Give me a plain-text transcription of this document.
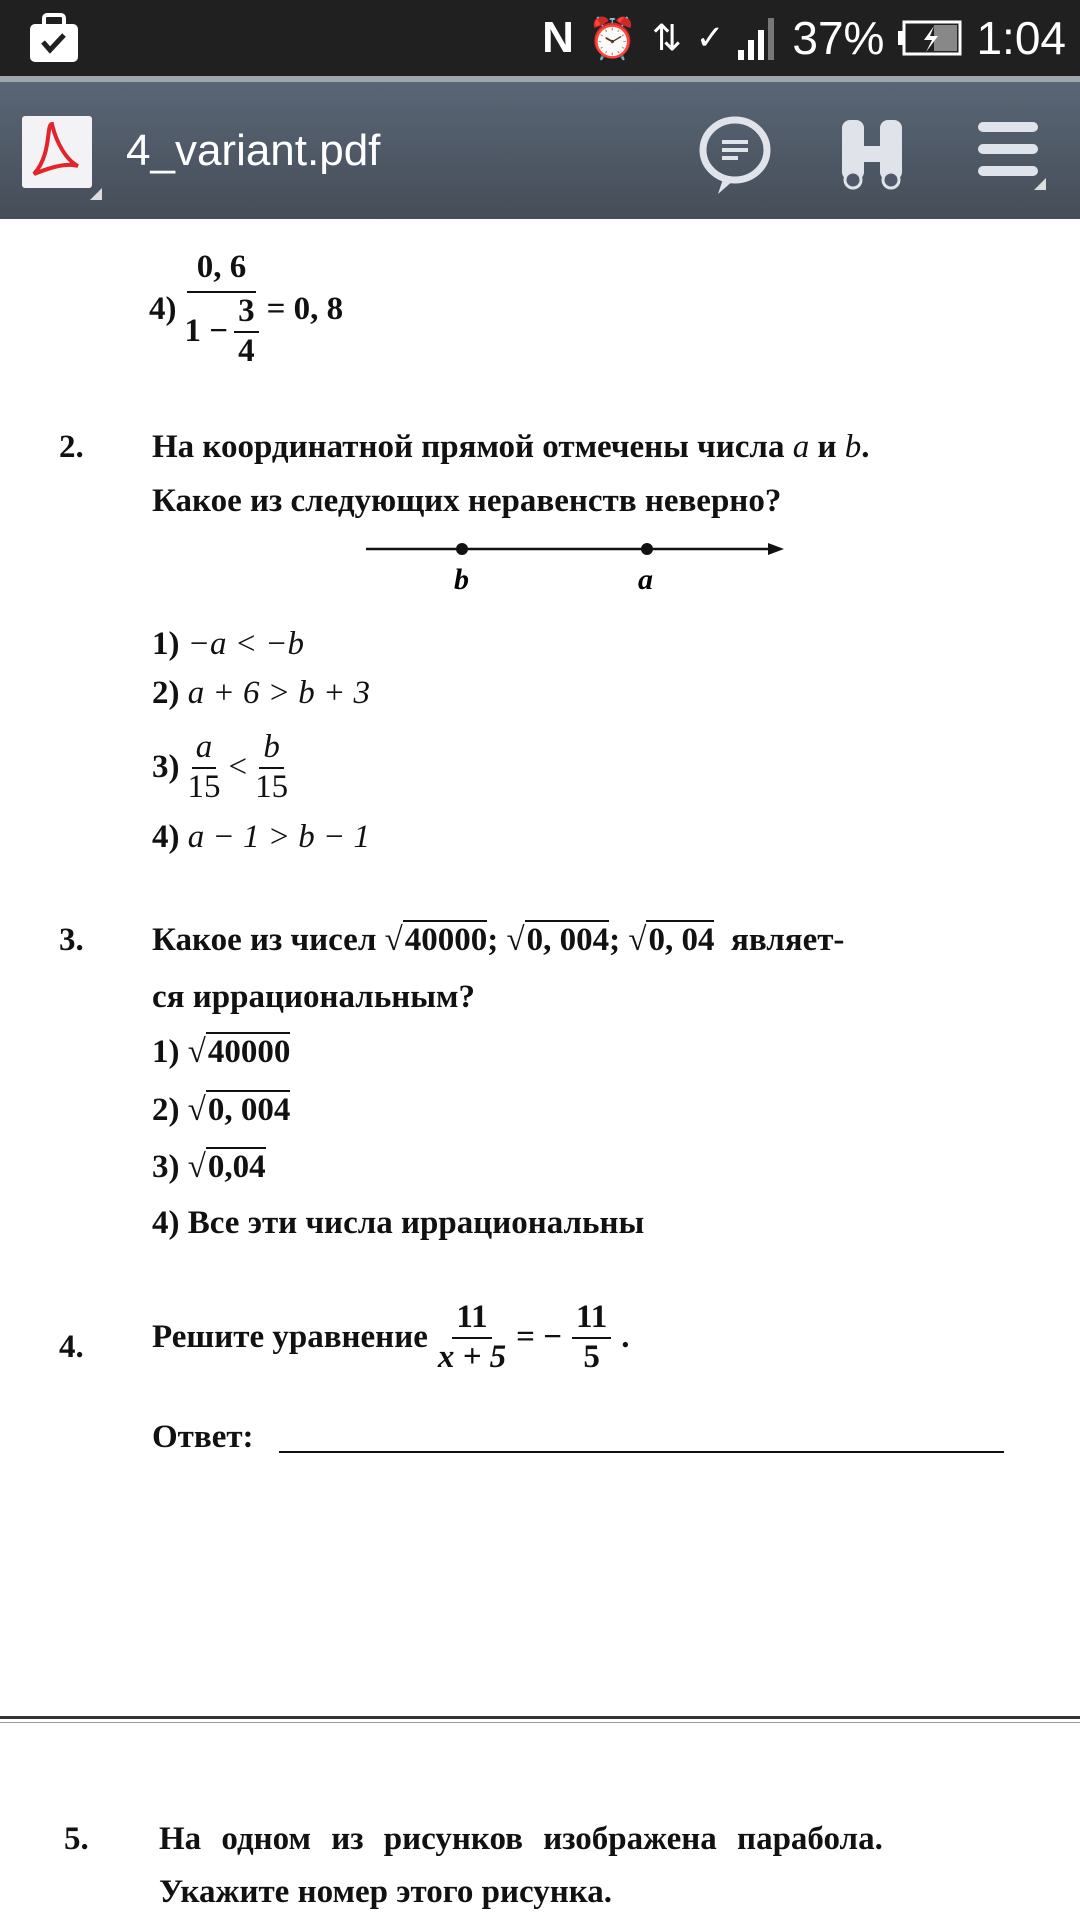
N ⏰ ⇅ ✓ 37% 1:04
4_variant.pdf
$4) \frac{0, 6}{1 - \frac{3}{4}} = 0$, 8
2. На координатной прямой отмечены числа a и b.
Какое из следующих неравенств неверно?
b	a
1) −a < −b
2) a + 6 > b + 3
$3) \frac{a}{15} < \frac{b}{15}$
4) a − 1 > b − 1
3. Какое из чисел √40000; √0, 004; √0, 04 являет-
ся иррациональным?
1) √40000
2) √0, 004
3) √0,04
4) Все эти числа иррациональны
4. Решите уравнение $\frac{11}{x + 5}$ = − $\frac{11}{5}$ .
Ответ:
5. На одном из рисунков изображена парабола.
Укажите номер этого рисунка.
